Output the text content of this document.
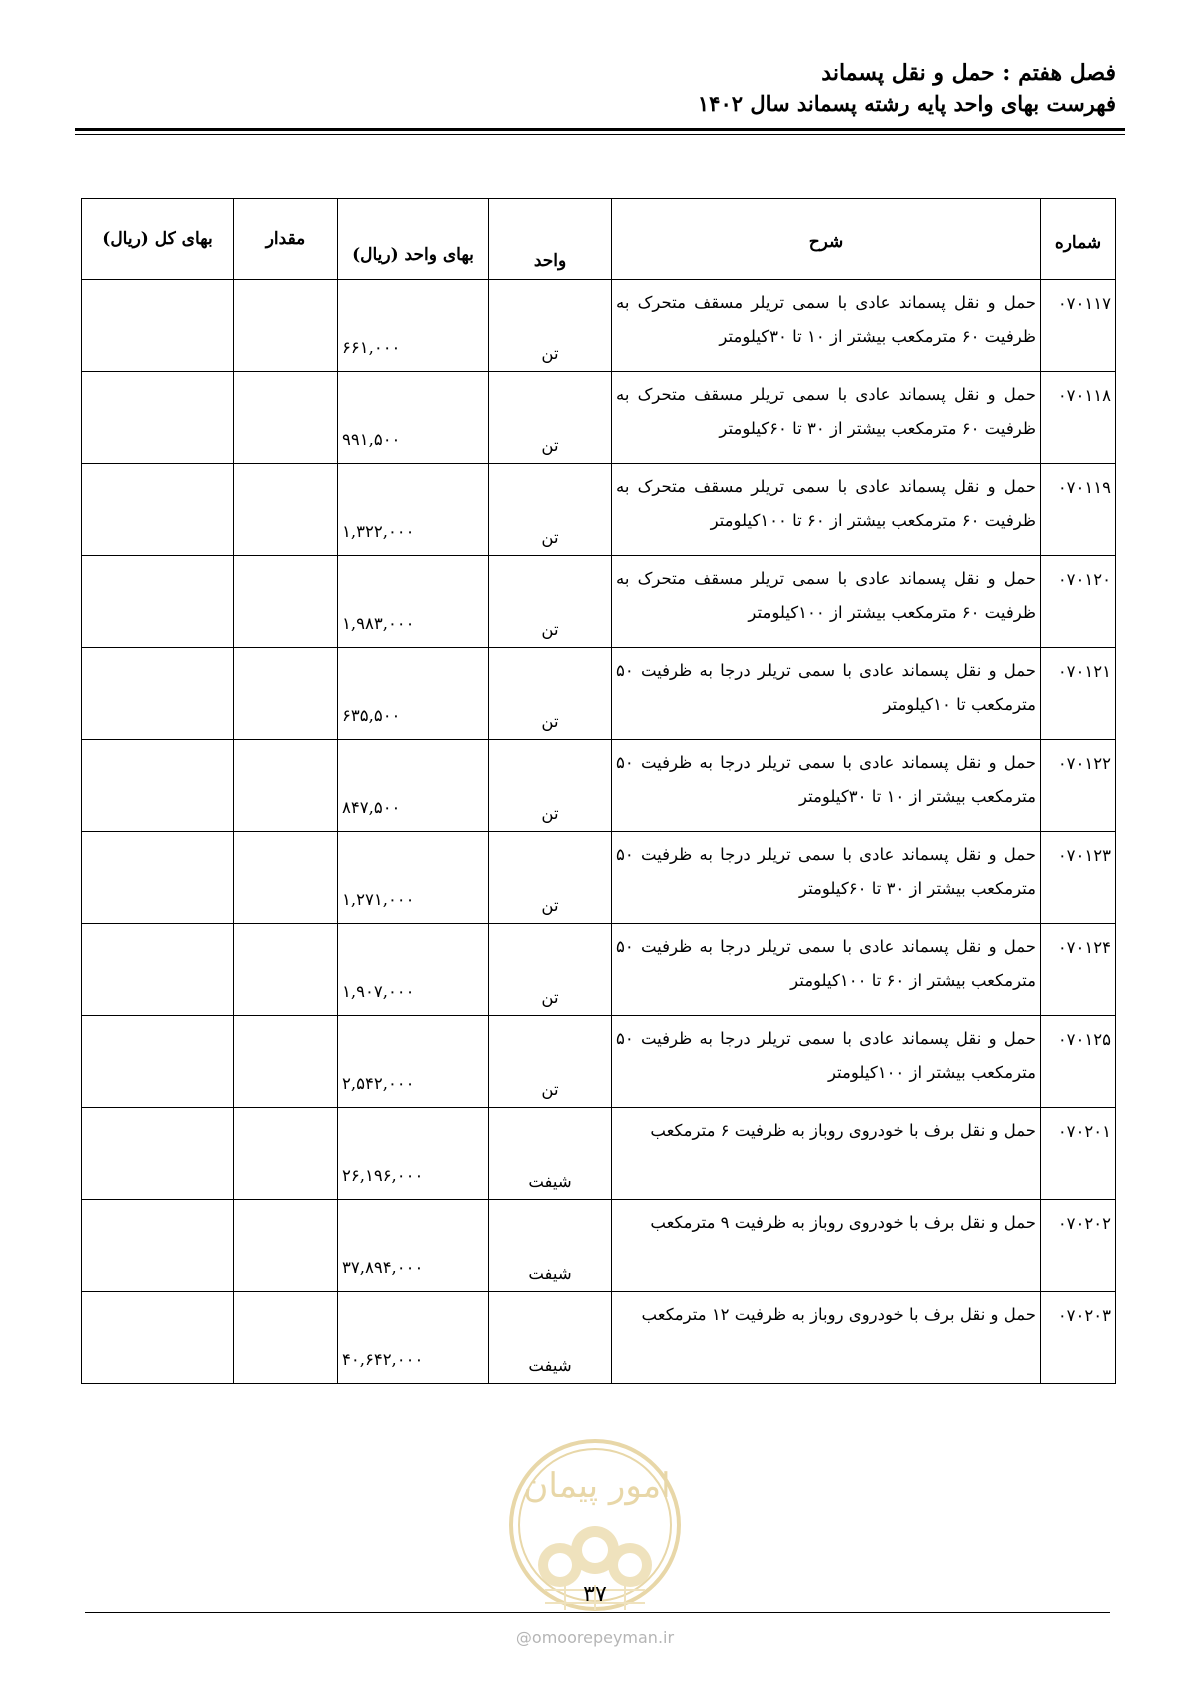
فصل هفتم : حمل و نقل پسماند
فهرست بهای واحد پایه رشته پسماند سال ۱۴۰۲
شماره	شرح	واحد	بهای واحد (ریال)	مقدار	بهای کل (ریال)
۰۷۰۱۱۷	حمل و نقل پسماند عادی با سمی تریلر مسقف متحرک به ظرفیت ۶۰ مترمکعب بیشتر از ۱۰ تا ۳۰کیلومتر	تن	۶۶۱,۰۰۰		
۰۷۰۱۱۸	حمل و نقل پسماند عادی با سمی تریلر مسقف متحرک به ظرفیت ۶۰ مترمکعب بیشتر از ۳۰ تا ۶۰کیلومتر	تن	۹۹۱,۵۰۰		
۰۷۰۱۱۹	حمل و نقل پسماند عادی با سمی تریلر مسقف متحرک به ظرفیت ۶۰ مترمکعب بیشتر از ۶۰ تا ۱۰۰کیلومتر	تن	۱,۳۲۲,۰۰۰		
۰۷۰۱۲۰	حمل و نقل پسماند عادی با سمی تریلر مسقف متحرک به ظرفیت ۶۰ مترمکعب بیشتر از ۱۰۰کیلومتر	تن	۱,۹۸۳,۰۰۰		
۰۷۰۱۲۱	حمل و نقل پسماند عادی با سمی تریلر درجا به ظرفیت ۵۰ مترمکعب تا ۱۰کیلومتر	تن	۶۳۵,۵۰۰		
۰۷۰۱۲۲	حمل و نقل پسماند عادی با سمی تریلر درجا به ظرفیت ۵۰ مترمکعب بیشتر از ۱۰ تا ۳۰کیلومتر	تن	۸۴۷,۵۰۰		
۰۷۰۱۲۳	حمل و نقل پسماند عادی با سمی تریلر درجا به ظرفیت ۵۰ مترمکعب بیشتر از ۳۰ تا ۶۰کیلومتر	تن	۱,۲۷۱,۰۰۰		
۰۷۰۱۲۴	حمل و نقل پسماند عادی با سمی تریلر درجا به ظرفیت ۵۰ مترمکعب بیشتر از ۶۰ تا ۱۰۰کیلومتر	تن	۱,۹۰۷,۰۰۰		
۰۷۰۱۲۵	حمل و نقل پسماند عادی با سمی تریلر درجا به ظرفیت ۵۰ مترمکعب بیشتر از ۱۰۰کیلومتر	تن	۲,۵۴۲,۰۰۰		
۰۷۰۲۰۱	حمل و نقل برف با خودروی روباز به ظرفیت ۶ مترمکعب	شیفت	۲۶,۱۹۶,۰۰۰		
۰۷۰۲۰۲	حمل و نقل برف با خودروی روباز به ظرفیت ۹ مترمکعب	شیفت	۳۷,۸۹۴,۰۰۰		
۰۷۰۲۰۳	حمل و نقل برف با خودروی روباز به ظرفیت ۱۲ مترمکعب	شیفت	۴۰,۶۴۲,۰۰۰		
امور پیمان
۳۷
@omoorepeyman.ir
